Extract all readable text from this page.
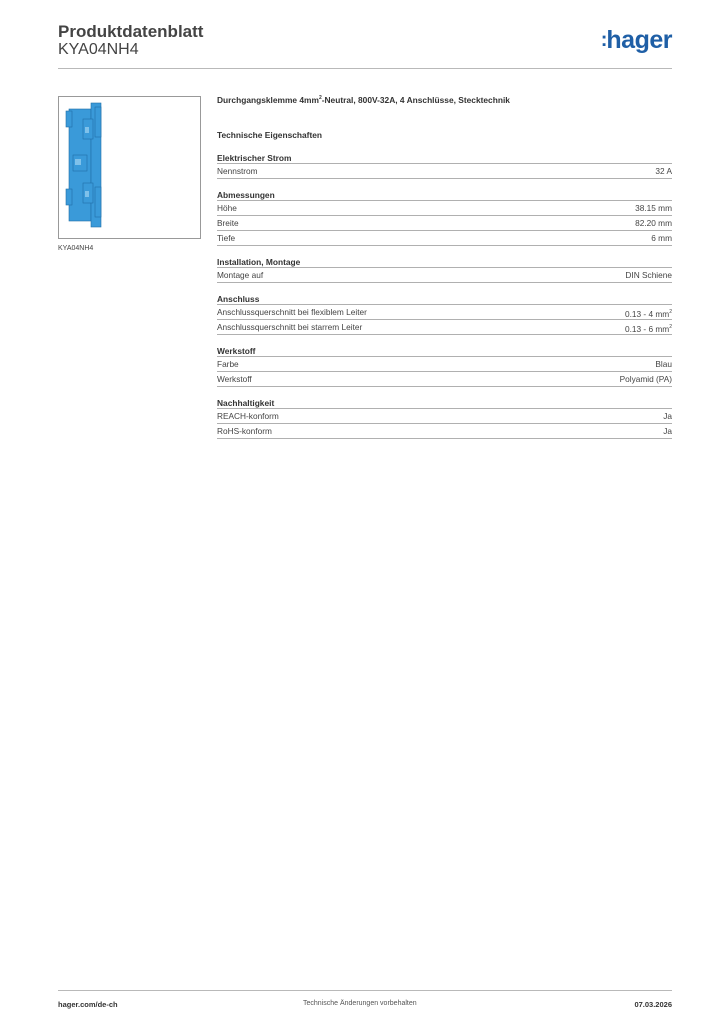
Produktdatenblatt
KYA04NH4	:hager
KYA04NH4
Durchgangsklemme $4mm^2$-Neutral, 800V-32A, 4 Anschlüsse, Stecktechnik
Technische Eigenschaften
Elektrischer Strom
Nennstrom	32 A
Abmessungen
Höhe	38.15 mm
Breite	82.20 mm
Tiefe	6 mm
Installation, Montage
Montage auf	DIN Schiene
Anschluss
Anschlussquerschnitt bei flexiblem Leiter	0.13 - 4 $mm^2$
Anschlussquerschnitt bei starrem Leiter	0.13 - 6 $mm^2$
Werkstoff
Farbe	Blau
Werkstoff	Polyamid (PA)
Nachhaltigkeit
REACH-konform	Ja
RoHS-konform	Ja
hager.com/de-ch	Technische Änderungen vorbehalten	07.03.2026
